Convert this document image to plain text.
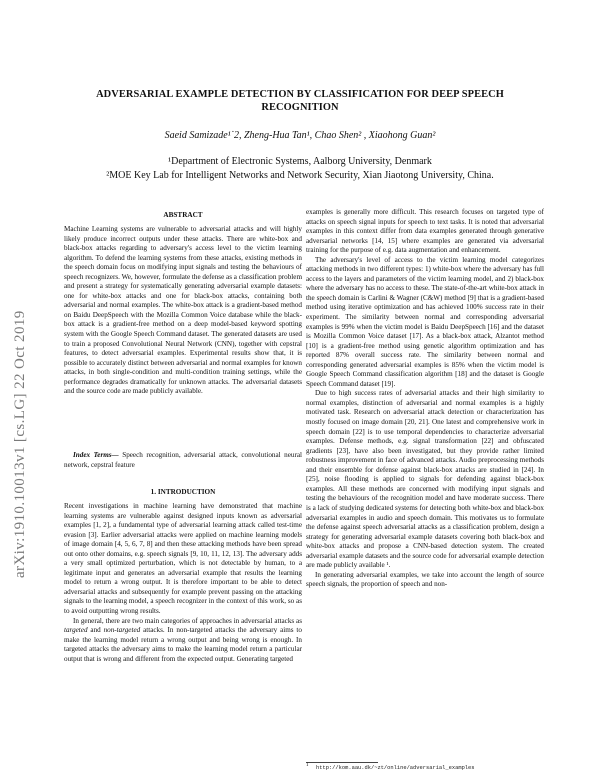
arXiv:1910.10013v1 [cs.LG] 22 Oct 2019
ADVERSARIAL EXAMPLE DETECTION BY CLASSIFICATION FOR DEEP SPEECH
RECOGNITION
Saeid Samizade¹˙2, Zheng-Hua Tan¹, Chao Shen² , Xiaohong Guan²
¹Department of Electronic Systems, Aalborg University, Denmark
²MOE Key Lab for Intelligent Networks and Network Security, Xian Jiaotong University, China.
ABSTRACT

Machine Learning systems are vulnerable to adversarial attacks and will highly likely produce incorrect outputs under these attacks. There are white-box and black-box attacks regarding to adversary's access level to the victim learning algorithm. To defend the learning systems from these attacks, existing methods in the speech domain focus on modifying input signals and testing the behaviours of speech recognizers. We, however, formulate the defense as a classification problem and present a strategy for systematically generating adversarial example datasets: one for white-box attacks and one for black-box attacks, containing both adversarial and normal examples. The white-box attack is a gradient-based method on Baidu DeepSpeech with the Mozilla Common Voice database while the black-box attack is a gradient-free method on a deep model-based keyword spotting system with the Google Speech Command dataset. The generated datasets are used to train a proposed Convolutional Neural Network (CNN), together with cepstral features, to detect adversarial examples. Experimental results show that, it is possible to accurately distinct between adversarial and normal examples for known attacks, in both single-condition and multi-condition training settings, while the performance degrades dramatically for unknown attacks. The adversarial datasets and the source code are made publicly available.

Index Terms— Speech recognition, adversarial attack, convolutional neural network, cepstral feature

1. INTRODUCTION

Recent investigations in machine learning have demonstrated that machine learning systems are vulnerable against designed inputs known as adversarial examples [1, 2], a fundamental type of adversarial learning attack called test-time evasion [3]. Earlier adversarial attacks were applied on machine learning models of image domain [4, 5, 6, 7, 8] and then these attacking methods have been spread out onto other domains, e.g. speech signals [9, 10, 11, 12, 13]. The adversary adds a very small optimized perturbation, which is not detectable by human, to a legitimate input and generates an adversarial example that results the learning model to return a wrong output. It is therefore important to be able to detect adversarial attacks and subsequently for example prevent passing on the attacking signals to the learning model, a speech recognizer in the context of this work, so as to avoid outputting wrong results.

In general, there are two main categories of approaches in adversarial attacks as targeted and non-targeted attacks. In non-targeted attacks the adversary aims to make the learning model return a wrong output and being wrong is enough. In targeted attacks the adversary aims to make the learning model return a particular output that is wrong and different from the expected output. Generating targeted

examples is generally more difficult. This research focuses on targeted type of attacks on speech signal inputs for speech to text tasks. It is noted that adversarial examples in this context differ from data examples generated through generative adversarial networks [14, 15] where examples are generated via adversarial training for the purpose of e.g. data augmentation and enhancement.

The adversary's level of access to the victim learning model categorizes attacking methods in two different types: 1) white-box where the adversary has full access to the layers and parameters of the victim learning model, and 2) black-box where the adversary has no access to these. The state-of-the-art white-box attack in the speech domain is Carlini & Wagner (C&W) method [9] that is a gradient-based method using iterative optimization and has achieved 100% success rate in their experiment. The similarity between normal and corresponding adversarial examples is 99% when the victim model is Baidu DeepSpeech [16] and the dataset is Mozilla Common Voice dataset [17]. As a black-box attack, Alzantot method [10] is a gradient-free method using genetic algorithm optimization and has reported 87% overall success rate. The similarity between normal and corresponding generated adversarial examples is 85% when the victim model is Google Speech Command classification algorithm [18] and the dataset is Google Speech Command dataset [19].

Due to high success rates of adversarial attacks and their high similarity to normal examples, distinction of adversarial and normal examples is a highly motivated task. Research on adversarial attack detection or characterization has mostly focused on image domain [20, 21]. One latest and comprehensive work in speech domain [22] is to use temporal dependencies to characterize adversarial examples. Defense methods, e.g. signal transformation [22] and obfuscated gradients [23], have also been investigated, but they provide rather limited robustness improvement in face of advanced attacks. Audio preprocessing methods and their ensemble for defense against black-box attacks are studied in [24]. In [25], noise flooding is applied to signals for defending against black-box examples. All these methods are concerned with modifying input signals and testing the behaviours of the recognition model and have moderate success. There is a lack of studying dedicated systems for detecting both white-box and black-box adversarial examples in audio and speech domain. This motivates us to formulate the defense against speech adversarial attacks as a classification problem, design a strategy for generating adversarial example datasets covering both black-box and white-box attacks and propose a CNN-based detection system. The created adversarial example datasets and the source code for adversarial example detection are made publicly available ¹.

In generating adversarial examples, we take into account the length of source speech signals, the proportion of speech and non-

1 http://kom.aau.dk/~zt/online/adversarial_examples
